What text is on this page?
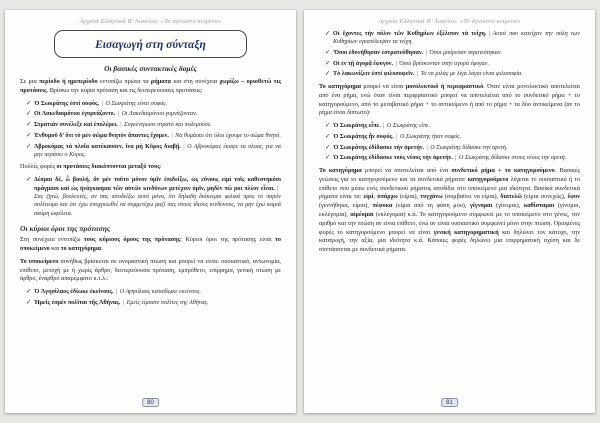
Αρχαία Ελληνικά Β’ Λυκείου: «Το άγνωστο κείμενο»
Εισαγωγή στη σύνταξη
Οι βασικές συντακτικές δομές
Σε μια περίοδο ή ημιπερίοδο εντοπίζω πρώτα τα ρήματα και στη συνέχεια χωρίζω – οριοθετώ τις προτάσεις. Βρίσκω την κύρια πρόταση και τις δευτερεύουσες προτάσεις:
✓ Ὁ Σωκράτης ἐστὶ σοφός. | Ο Σωκράτης είναι σοφός.
✓ Οἱ Λακεδαιμόνιοι ἐγυμνάζοντο. | Οι Λακεδαιμόνιοι γυμνάζονταν.
✓ Στρατιὰν συνέλεξε καὶ ἐπολέμει. | Συγκέντρωσε στρατό και πολεμούσε.
✓ Ἐνθυμοῦ δ’ ὅτι τὸ μὲν σῶμα θνητὸν ἅπαντες ἔχομεν. | Να θυμάσαι ότι όλοι έχουμε το σώμα θνητό.
✓ Ἀβροκόμας τὰ πλοῖα κατέκαυσεν, ἵνα μὴ Κῦρος διαβῇ. | Ο Αβροκόμας έκαψε τα πλοία, για να μην περάσει ο Κύρος.
Πολλές φορές οι προτάσεις διακόπτονται μεταξύ τους:
✓ Δέομαι δέ, ὦ βουλή, ἂν μὲν τοῦτο μόνον ὑμῖν ἐπιδείξω, ὡς εὔνους εἰμὶ τοῖς καθεστηκόσι πράγμασι καὶ ὡς ἠνάγκασμαι τῶν αὐτῶν κινδύνων μετέχειν ὑμῖν, μηδέν πώ μοι πλέον εἶναι. |Σας ζητώ, βουλευτές, αν σας αποδείξω αυτό μόνο, ότι δηλαδή διάκειμαι φιλικά προς το παρόν πολίτευμα και ότι έχω υποχρεωθεί να συμμετέχω μαζί σας στους ίδιους κινδύνους, να μην έχω καμιά ακόμη ωφέλεια.
Οι κύριοι όροι της πρότασης
Στη συνέχεια εντοπίζω τους κύριους όρους της πρότασης: Κύριοι όροι της πρότασης είναι το υποκείμενο και το κατηγόρημα.
Το υποκείμενο συνήθως βρίσκεται σε ονομαστική πτώση και μπορεί να είναι: ουσιαστικό, αντωνυμία, επίθετο, μετοχή με ή χωρίς άρθρο, δευτερεύουσα πρόταση, εμπρόθετο, επίρρημα, γενική πτώση με άρθρο, έναρθρο απαρέμφατο κ.τ.λ.:
✓ Ὁ Ἀγησίλαος ἐδίωκε ἐκείνους. | Ο Αγησίλαος καταδίωκε εκείνους.
✓ Ἡμεῖς ἐσμὲν πολῖται τῆς Ἀθήνας. | Εμείς είμαστε πολίτες της Αθήνας.
80
Αρχαία Ελληνικά Β’ Λυκείου: «Το άγνωστο κείμενο»
✓ Οἱ ἔχοντες τὴν πόλιν τῶν Κυθηρίων ἐξέλιπον τὰ τείχη. | Αυτοί που κατείχαν την πόλη των Κυθηρίων εγκατέλειψαν τα τείχη.
✓ Ὅσοι ἐδυνήθησαν ἐστρατεύθησαν. | Όσοι μπόρεσαν στρατεύτηκαν.
✓ Οἱ ἐν τῇ ἀγορᾷ ἔφυγον. | Όσοι βρίσκονταν στην αγορά έφυγαν.
✓ Τὸ λακωνίζειν ἐστὶ φιλοσοφεῖν. | Το να μιλάς με λίγα λόγια είναι φιλοσοφία.
Το κατηγόρημα μπορεί να είναι μονολεκτικό ή περιφραστικό. Όταν είναι μονολεκτικό αποτελείται από ένα ρήμα, ενώ όταν είναι περιφραστικό μπορεί να αποτελείται από το συνδετικό ρήμα + το κατηγορούμενο, από το μεταβατικό ρήμα + το αντικείμενο ή από το ρήμα + τα δύο αντικείμενα (αν το ρήμα είναι δίπτωτο):
✓ Ὁ Σωκράτης εἶπε. | Ο Σωκράτης είπε.
✓ Ὁ Σωκράτης ἦν σοφός. | Ο Σωκράτης ήταν σοφός.
✓ Ὁ Σωκράτης ἐδίδασκε τὴν ἀρετήν. | Ο Σωκράτης δίδασκε την αρετή.
✓ Ὁ Σωκράτης ἐδίδασκε τοὺς νέους τὴν ἀρετήν. | Ο Σωκράτης δίδασκε στους νέους την αρετή.
Το κατηγόρημα μπορεί να αποτελείται από ένα συνδετικό ρήμα + το κατηγορούμενο. Βασικές γνώσεις για το κατηγορούμενο και τα συνδετικά ρήματα: κατηγορούμενο λέγεται το ουσιαστικό ή το επίθετο που μέσω ενός συνδετικού ρήματος αποδίδει στο υποκείμενο μια ιδιότητα. Βασικά συνδετικά ρήματα είναι τα: εἰμί, ὑπάρχω (είμαι), τυγχάνω (συμβαίνει να είμαι), διατελῶ (είμαι συνεχώς), ἔφυν (γεννήθηκα, είμαι), πέφυκα (είμαι από τη φύση μου), γίγνομαι (γίνομαι), καθίσταμαι (γίνομαι, εκλέγομαι), αἱρέομαι (εκλέγομαι) κ.ά. Το κατηγορούμενο συμφωνεί με το υποκείμενο στο γένος, τον αριθμό και την πτώση αν είναι επίθετο, ενώ αν είναι ουσιαστικό συμφωνεί μόνο στην πτώση. Ορισμένες φορές το κατηγορούμενο μπορεί να είναι γενική κατηγορηματική και δηλώνει τον κάτοχο, την καταγωγή, την αξία, μια ιδιότητα κ.ά. Κάποιες φορές δηλώνει μια επιρρηματική σχέση και δε συντάσσεται με συνδετικά ρήματα.
81
